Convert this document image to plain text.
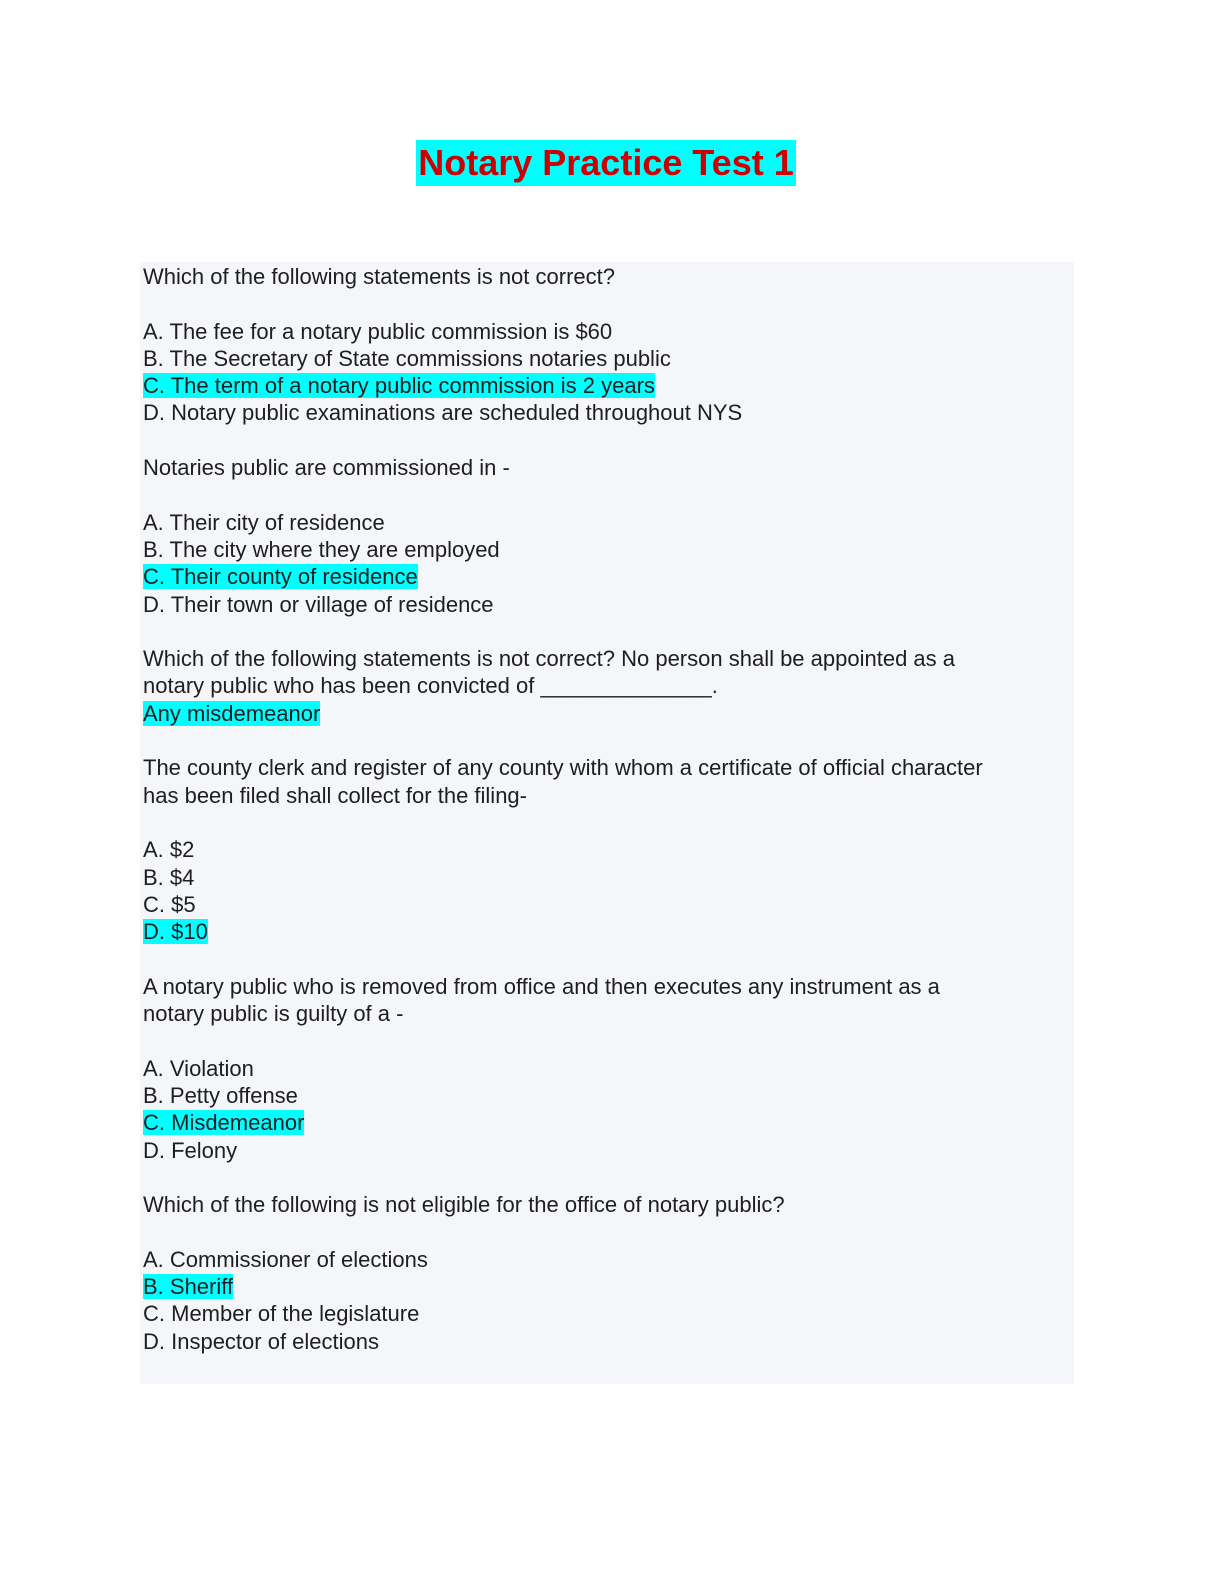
Notary Practice Test 1
Which of the following statements is not correct?
A. The fee for a notary public commission is $60
B. The Secretary of State commissions notaries public
C. The term of a notary public commission is 2 years
D. Notary public examinations are scheduled throughout NYS
Notaries public are commissioned in -
A. Their city of residence
B. The city where they are employed
C. Their county of residence
D. Their town or village of residence
Which of the following statements is not correct? No person shall be appointed as a
notary public who has been convicted of ______________.
Any misdemeanor
The county clerk and register of any county with whom a certificate of official character
has been filed shall collect for the filing-
A. $2
B. $4
C. $5
D. $10
A notary public who is removed from office and then executes any instrument as a
notary public is guilty of a -
A. Violation
B. Petty offense
C. Misdemeanor
D. Felony
Which of the following is not eligible for the office of notary public?
A. Commissioner of elections
B. Sheriff
C. Member of the legislature
D. Inspector of elections
